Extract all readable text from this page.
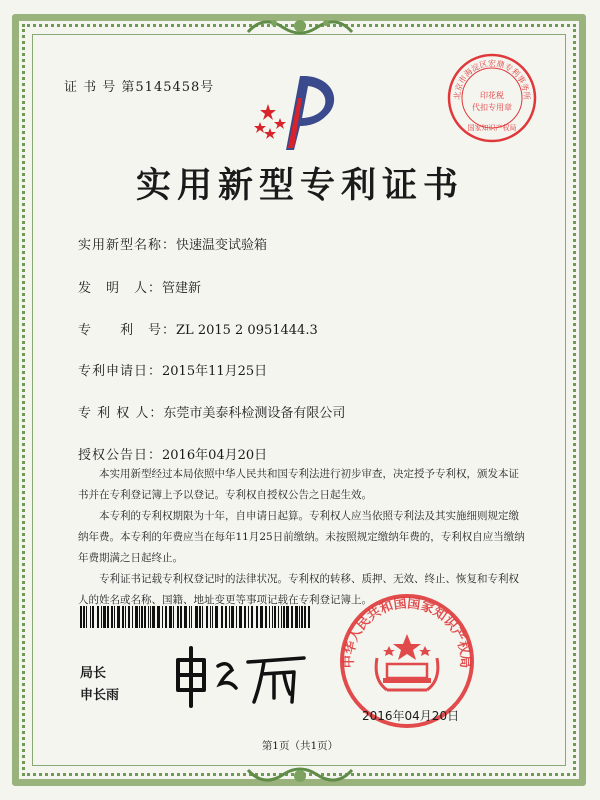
证 书 号 第5145458号
北京市海淀区宏鼎专利事务所
印花税
代扣专用章
国家知识产权局
实用新型专利证书
实用新型名称：快速温变试验箱
发　明　人：管建新
专　　利　号：ZL 2015 2 0951444.3
专利申请日：2015年11月25日
专 利 权 人：东莞市美泰科检测设备有限公司
授权公告日：2016年04月20日

本实用新型经过本局依照中华人民共和国专利法进行初步审查，决定授予专利权，颁发本证书并在专利登记簿上予以登记。专利权自授权公告之日起生效。

本专利的专利权期限为十年，自申请日起算。专利权人应当依照专利法及其实施细则规定缴纳年费。本专利的年费应当在每年11月25日前缴纳。未按照规定缴纳年费的，专利权自应当缴纳年费期满之日起终止。

专利证书记载专利权登记时的法律状况。专利权的转移、质押、无效、终止、恢复和专利权人的姓名或名称、国籍、地址变更等事项记载在专利登记簿上。

局长
申长雨
中华人民共和国国家知识产权局
2016年04月20日
第1页（共1页）
